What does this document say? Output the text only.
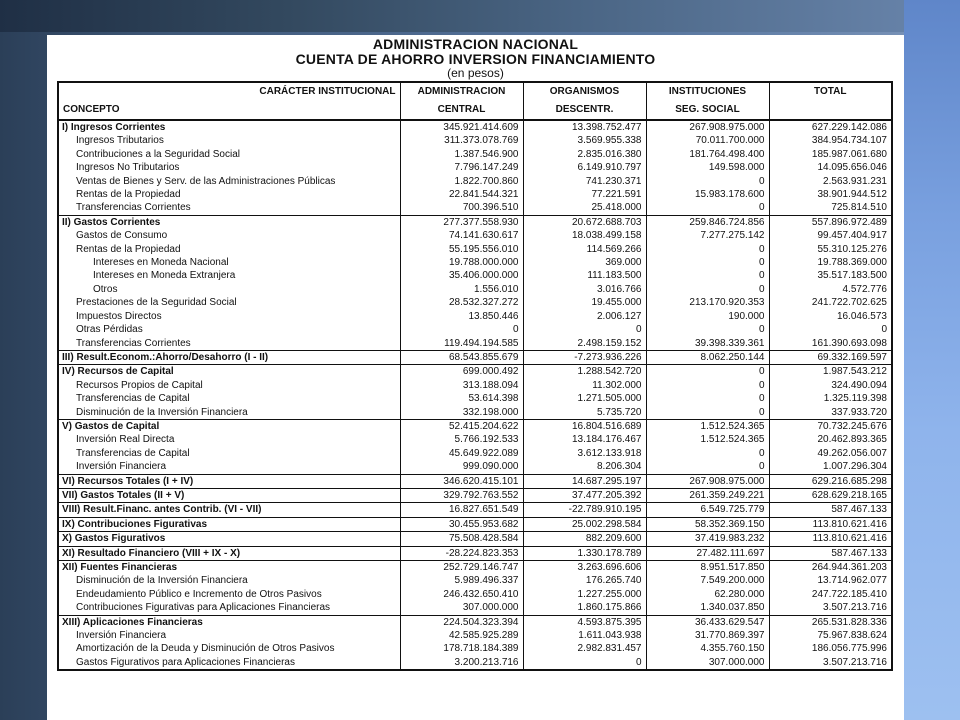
ADMINISTRACION NACIONAL
CUENTA DE AHORRO INVERSION FINANCIAMIENTO
(en pesos)
CARÁCTER INSTITUCIONAL	ADMINISTRACION	ORGANISMOS	INSTITUCIONES	TOTAL
CONCEPTO	CENTRAL	DESCENTR.	SEG. SOCIAL	
I) Ingresos Corrientes	345.921.414.609	13.398.752.477	267.908.975.000	627.229.142.086
Ingresos Tributarios	311.373.078.769	3.569.955.338	70.011.700.000	384.954.734.107
Contribuciones a la Seguridad Social	1.387.546.900	2.835.016.380	181.764.498.400	185.987.061.680
Ingresos No Tributarios	7.796.147.249	6.149.910.797	149.598.000	14.095.656.046
Ventas de Bienes y Serv. de las Administraciones Públicas	1.822.700.860	741.230.371	0	2.563.931.231
Rentas de la Propiedad	22.841.544.321	77.221.591	15.983.178.600	38.901.944.512
Transferencias Corrientes	700.396.510	25.418.000	0	725.814.510
II) Gastos Corrientes	277.377.558.930	20.672.688.703	259.846.724.856	557.896.972.489
Gastos de Consumo	74.141.630.617	18.038.499.158	7.277.275.142	99.457.404.917
Rentas de la Propiedad	55.195.556.010	114.569.266	0	55.310.125.276
Intereses en Moneda Nacional	19.788.000.000	369.000	0	19.788.369.000
Intereses en Moneda Extranjera	35.406.000.000	111.183.500	0	35.517.183.500
Otros	1.556.010	3.016.766	0	4.572.776
Prestaciones de la Seguridad Social	28.532.327.272	19.455.000	213.170.920.353	241.722.702.625
Impuestos Directos	13.850.446	2.006.127	190.000	16.046.573
Otras Pérdidas	0	0	0	0
Transferencias Corrientes	119.494.194.585	2.498.159.152	39.398.339.361	161.390.693.098
III) Result.Econom.:Ahorro/Desahorro (I - II)	68.543.855.679	-7.273.936.226	8.062.250.144	69.332.169.597
IV) Recursos de Capital	699.000.492	1.288.542.720	0	1.987.543.212
Recursos Propios de Capital	313.188.094	11.302.000	0	324.490.094
Transferencias de Capital	53.614.398	1.271.505.000	0	1.325.119.398
Disminución de la Inversión Financiera	332.198.000	5.735.720	0	337.933.720
V) Gastos de Capital	52.415.204.622	16.804.516.689	1.512.524.365	70.732.245.676
Inversión Real Directa	5.766.192.533	13.184.176.467	1.512.524.365	20.462.893.365
Transferencias de Capital	45.649.922.089	3.612.133.918	0	49.262.056.007
Inversión Financiera	999.090.000	8.206.304	0	1.007.296.304
VI) Recursos Totales (I + IV)	346.620.415.101	14.687.295.197	267.908.975.000	629.216.685.298
VII) Gastos Totales (II + V)	329.792.763.552	37.477.205.392	261.359.249.221	628.629.218.165
VIII) Result.Financ. antes Contrib. (VI - VII)	16.827.651.549	-22.789.910.195	6.549.725.779	587.467.133
IX) Contribuciones Figurativas	30.455.953.682	25.002.298.584	58.352.369.150	113.810.621.416
X) Gastos Figurativos	75.508.428.584	882.209.600	37.419.983.232	113.810.621.416
XI) Resultado Financiero (VIII + IX - X)	-28.224.823.353	1.330.178.789	27.482.111.697	587.467.133
XII) Fuentes Financieras	252.729.146.747	3.263.696.606	8.951.517.850	264.944.361.203
Disminución de la Inversión Financiera	5.989.496.337	176.265.740	7.549.200.000	13.714.962.077
Endeudamiento Público e Incremento de Otros Pasivos	246.432.650.410	1.227.255.000	62.280.000	247.722.185.410
Contribuciones Figurativas para Aplicaciones Financieras	307.000.000	1.860.175.866	1.340.037.850	3.507.213.716
XIII) Aplicaciones Financieras	224.504.323.394	4.593.875.395	36.433.629.547	265.531.828.336
Inversión Financiera	42.585.925.289	1.611.043.938	31.770.869.397	75.967.838.624
Amortización de la Deuda y Disminución de Otros Pasivos	178.718.184.389	2.982.831.457	4.355.760.150	186.056.775.996
Gastos Figurativos para Aplicaciones Financieras	3.200.213.716	0	307.000.000	3.507.213.716
